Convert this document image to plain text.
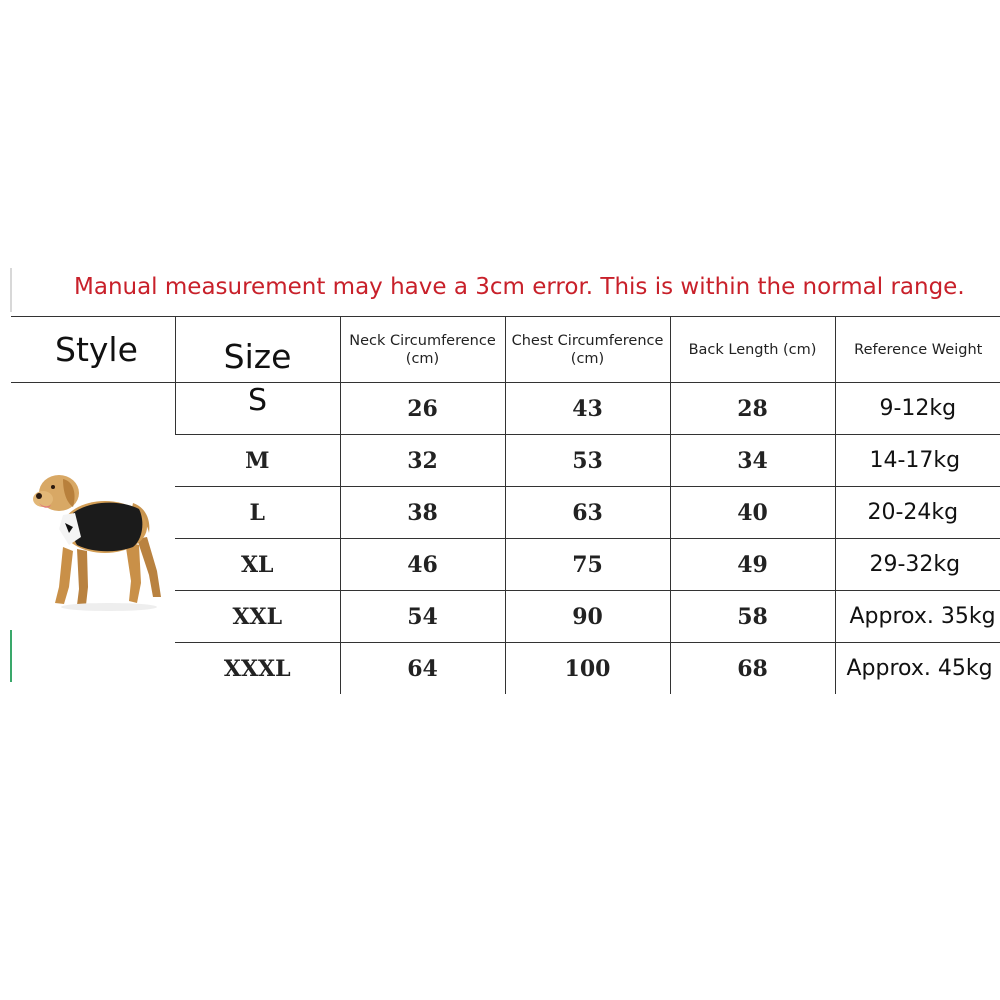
Manual measurement may have a 3cm error. This is within the normal range.
Style	Size	Neck Circumference (cm)	Chest Circumference (cm)	Back Length (cm)	Reference Weight

	S	26	43	28	9-12kg
	M	32	53	34	14-17kg
	L	38	63	40	20-24kg
	XL	46	75	49	29-32kg
	XXL	54	90	58	Approx. 35kg
	XXXL	64	100	68	Approx. 45kg
